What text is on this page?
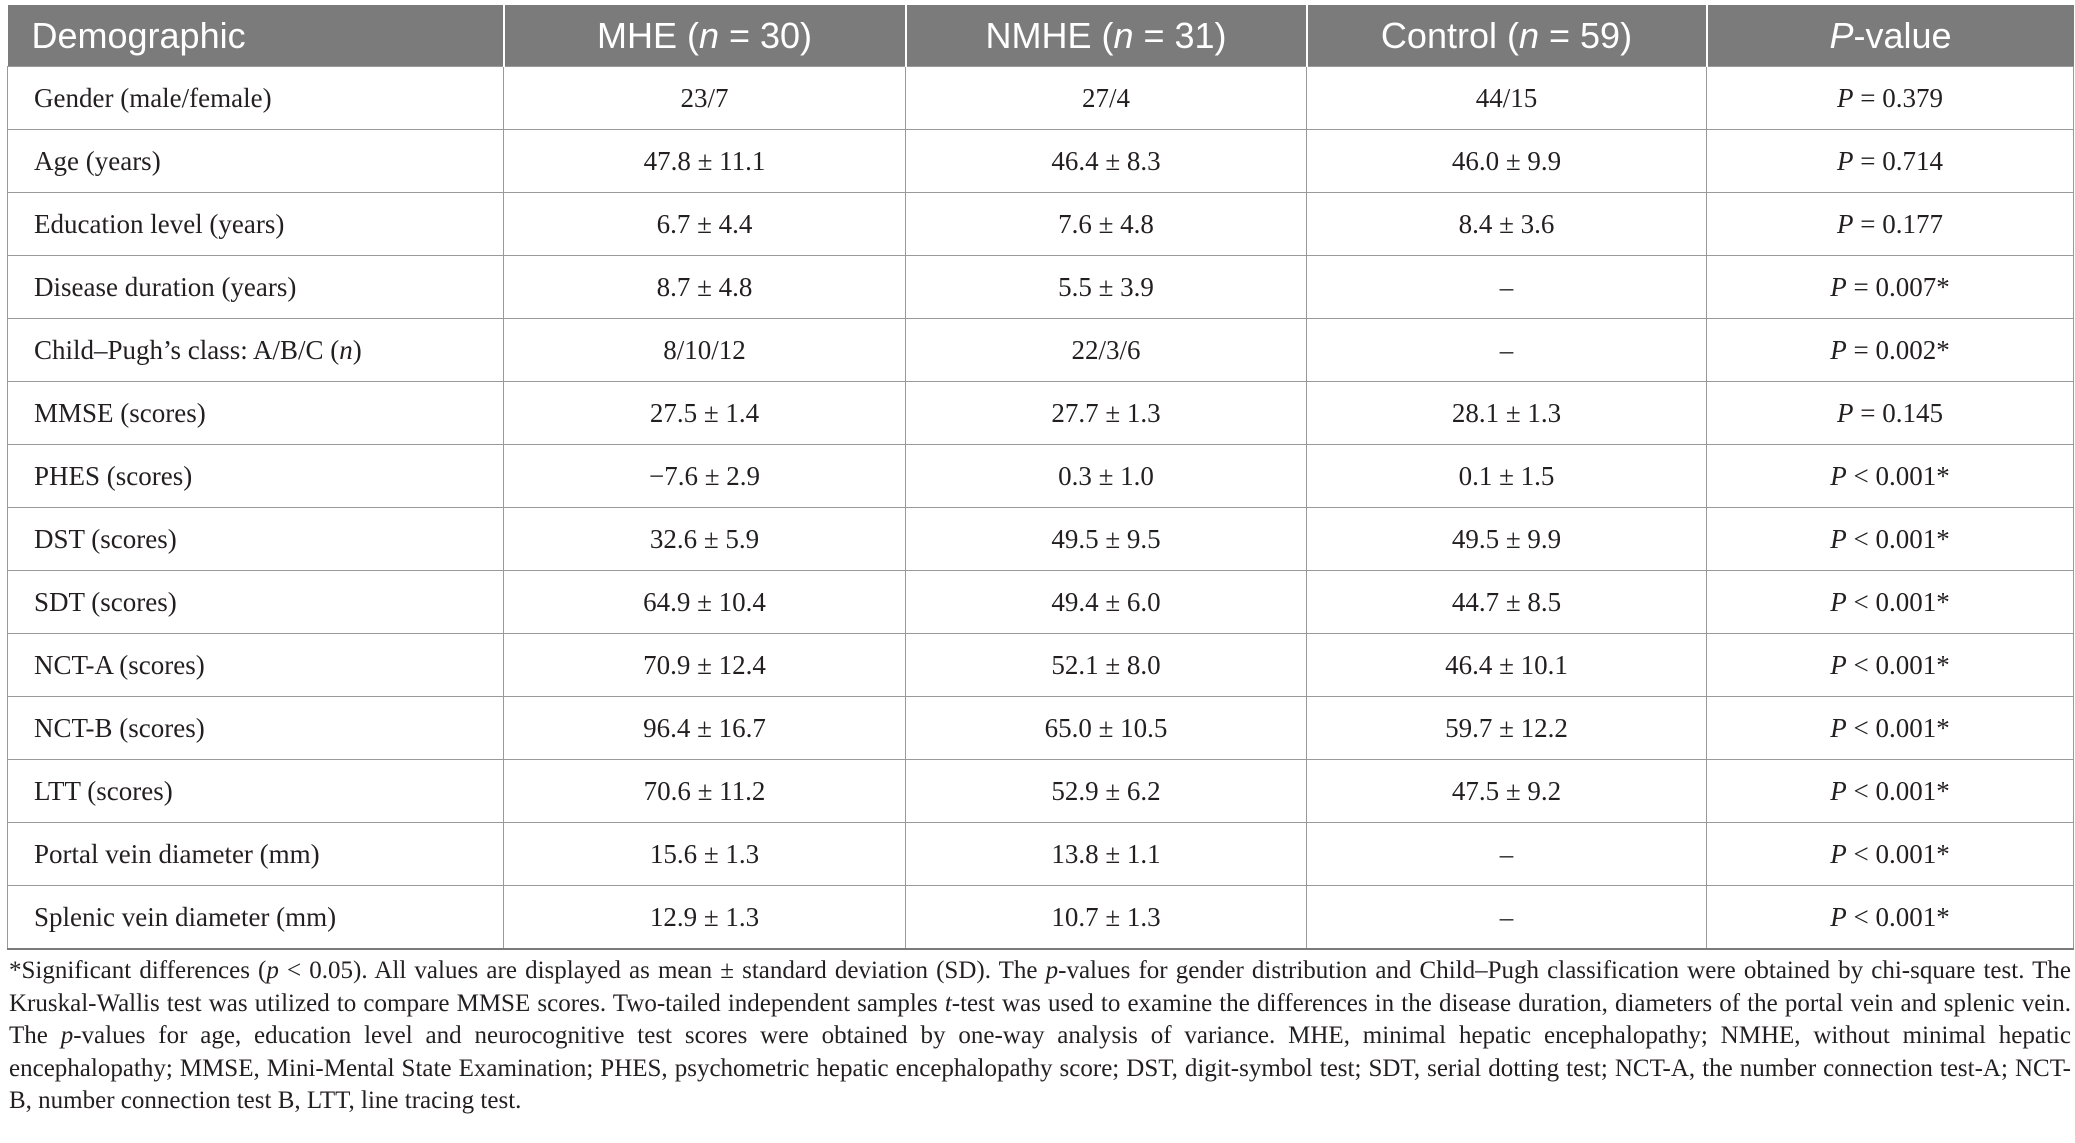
Demographic	MHE (n = 30)	NMHE (n = 31)	Control (n = 59)	P-value
Gender (male/female)	23/7	27/4	44/15	P = 0.379
Age (years)	47.8 ± 11.1	46.4 ± 8.3	46.0 ± 9.9	P = 0.714
Education level (years)	6.7 ± 4.4	7.6 ± 4.8	8.4 ± 3.6	P = 0.177
Disease duration (years)	8.7 ± 4.8	5.5 ± 3.9	–	P = 0.007*
Child–Pugh’s class: A/B/C (n)	8/10/12	22/3/6	–	P = 0.002*
MMSE (scores)	27.5 ± 1.4	27.7 ± 1.3	28.1 ± 1.3	P = 0.145
PHES (scores)	−7.6 ± 2.9	0.3 ± 1.0	0.1 ± 1.5	P < 0.001*
DST (scores)	32.6 ± 5.9	49.5 ± 9.5	49.5 ± 9.9	P < 0.001*
SDT (scores)	64.9 ± 10.4	49.4 ± 6.0	44.7 ± 8.5	P < 0.001*
NCT-A (scores)	70.9 ± 12.4	52.1 ± 8.0	46.4 ± 10.1	P < 0.001*
NCT-B (scores)	96.4 ± 16.7	65.0 ± 10.5	59.7 ± 12.2	P < 0.001*
LTT (scores)	70.6 ± 11.2	52.9 ± 6.2	47.5 ± 9.2	P < 0.001*
Portal vein diameter (mm)	15.6 ± 1.3	13.8 ± 1.1	–	P < 0.001*
Splenic vein diameter (mm)	12.9 ± 1.3	10.7 ± 1.3	–	P < 0.001*
*Significant differences (p < 0.05). All values are displayed as mean ± standard deviation (SD). The p-values for gender distribution and Child–Pugh classification were obtained by chi-square test. The Kruskal-Wallis test was utilized to compare MMSE scores. Two-tailed independent samples t-test was used to examine the differences in the disease duration, diameters of the portal vein and splenic vein. The p-values for age, education level and neurocognitive test scores were obtained by one-way analysis of variance. MHE, minimal hepatic encephalopathy; NMHE, without minimal hepatic encephalopathy; MMSE, Mini-Mental State Examination; PHES, psychometric hepatic encephalopathy score; DST, digit-symbol test; SDT, serial dotting test; NCT-A, the number connection test-A; NCT-B, number connection test B, LTT, line tracing test.
